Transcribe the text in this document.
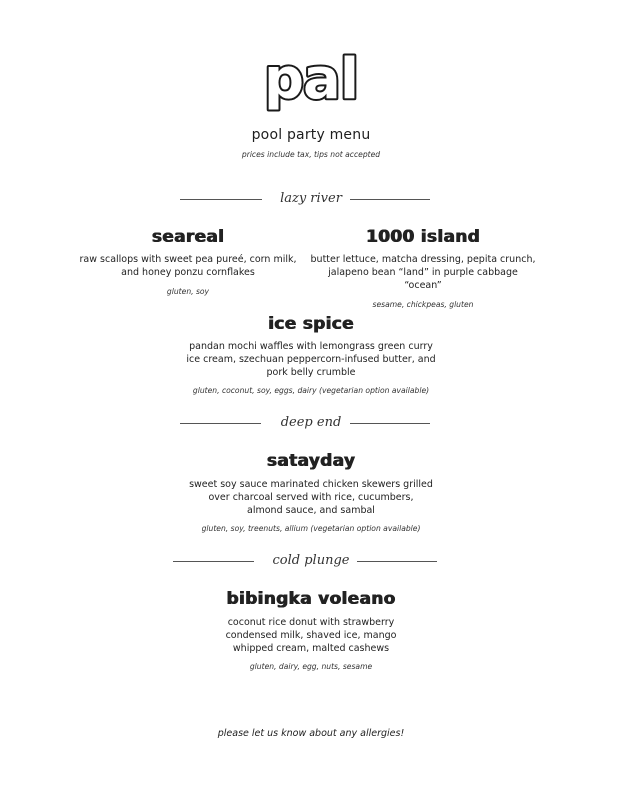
pal
pool party menu
prices include tax, tips not accepted
lazy river
seareal
raw scallops with sweet pea pureé, corn milk,
and honey ponzu cornflakes
gluten, soy
1000 island
butter lettuce, matcha dressing, pepita crunch,
jalapeno bean “land” in purple cabbage “ocean”
sesame, chickpeas, gluten
ice spice
pandan mochi waffles with lemongrass green curry
ice cream, szechuan peppercorn-infused butter, and
pork belly crumble
gluten, coconut, soy, eggs, dairy (vegetarian option available)
deep end
satayday
sweet soy sauce marinated chicken skewers grilled
over charcoal served with rice, cucumbers,
almond sauce, and sambal
gluten, soy, treenuts, allium (vegetarian option available)
cold plunge
bibingka voleano
coconut rice donut with strawberry
condensed milk, shaved ice, mango
whipped cream, malted cashews
gluten, dairy, egg, nuts, sesame
please let us know about any allergies!
